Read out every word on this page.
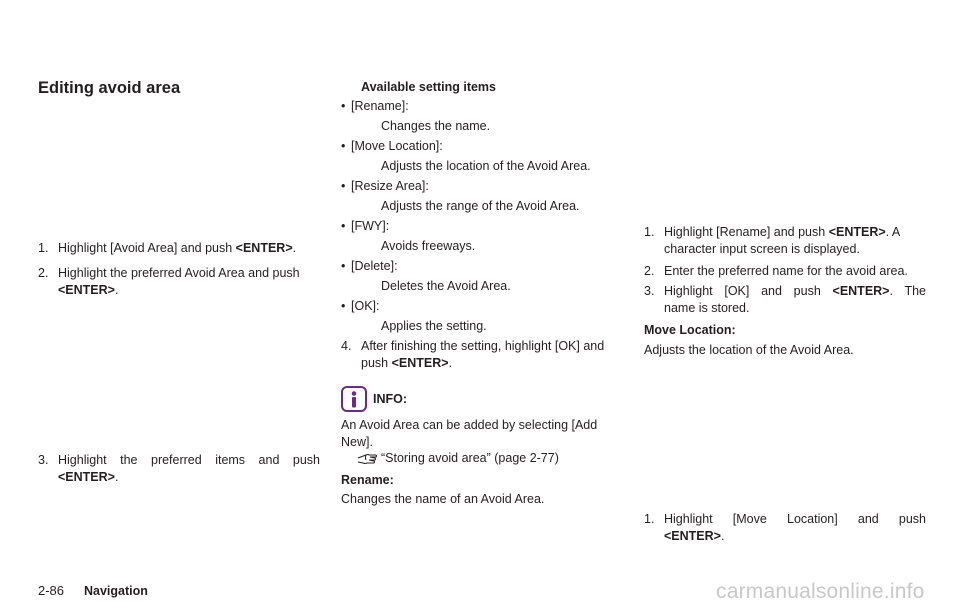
Editing avoid area
1. Highlight [Avoid Area] and push <ENTER>.
2. Highlight the preferred Avoid Area and push
<ENTER>.
3. Highlight the preferred items and push
<ENTER>.
Available setting items
• [Rename]:
Changes the name.
• [Move Location]:
Adjusts the location of the Avoid Area.
• [Resize Area]:
Adjusts the range of the Avoid Area.
• [FWY]:
Avoids freeways.
• [Delete]:
Deletes the Avoid Area.
• [OK]:
Applies the setting.
4. After finishing the setting, highlight [OK] and
push <ENTER>.
INFO:
An Avoid Area can be added by selecting [Add
New].
“Storing avoid area” (page 2-77)
Rename:
Changes the name of an Avoid Area.
1. Highlight [Rename] and push <ENTER>. A
character input screen is displayed.
2. Enter the preferred name for the avoid area.
3. Highlight [OK] and push <ENTER>. The
name is stored.
Move Location:
Adjusts the location of the Avoid Area.
1. Highlight [Move Location] and push
<ENTER>.
2-86 Navigation	carmanualsonline.info
